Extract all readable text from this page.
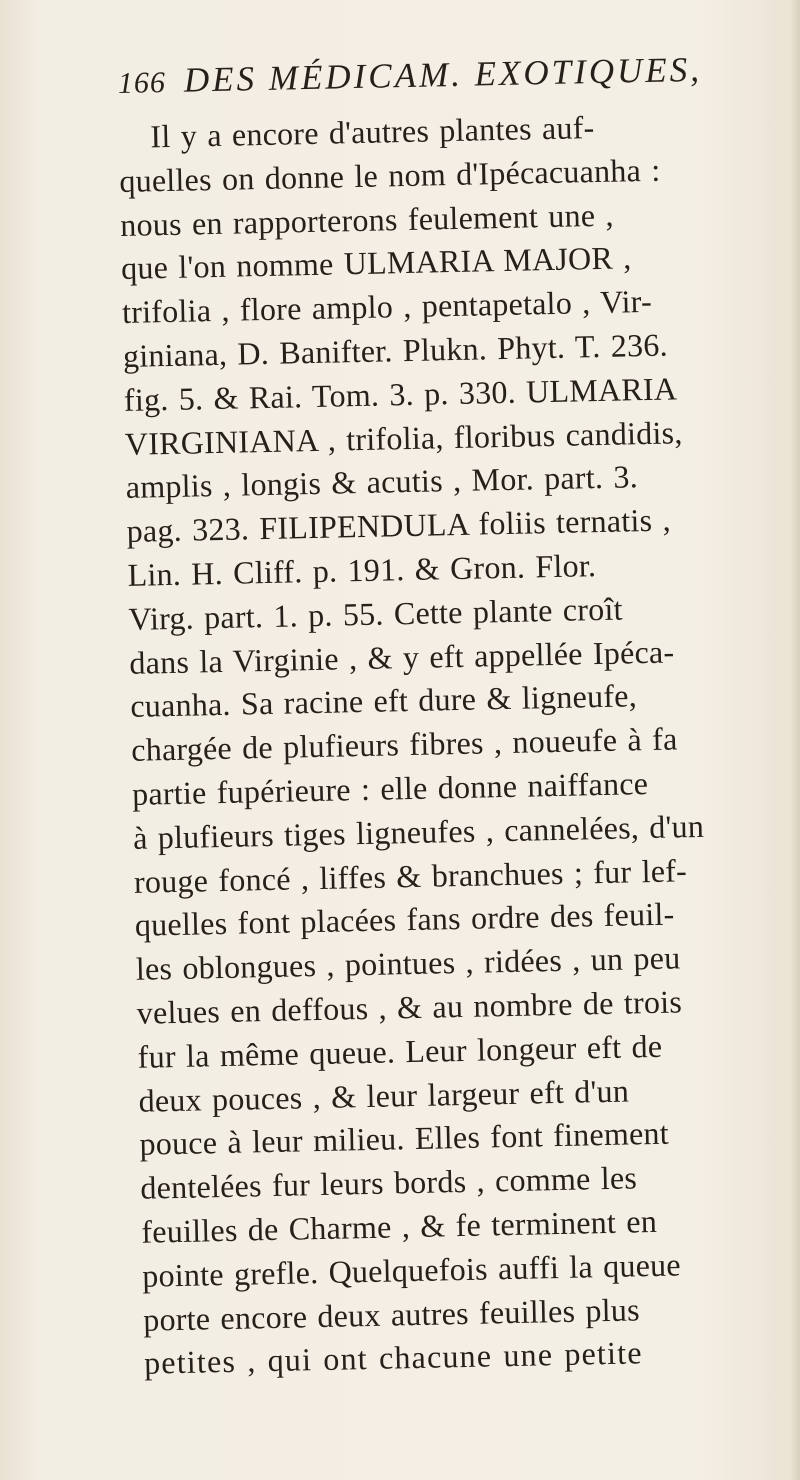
166 DES MÉDICAM. EXOTIQUES,
Il y a encore d'autres plantes auf-
quelles on donne le nom d'Ipécacuanha :
nous en rapporterons feulement une ,
que l'on nomme ULMARIA MAJOR ,
trifolia , flore amplo , pentapetalo , Vir-
giniana, D. Banifter. Plukn. Phyt. T. 236.
fig. 5. & Rai. Tom. 3. p. 330. ULMARIA
VIRGINIANA , trifolia, floribus candidis,
amplis , longis & acutis , Mor. part. 3.
pag. 323. FILIPENDULA foliis ternatis ,
Lin. H. Cliff. p. 191. & Gron. Flor.
Virg. part. 1. p. 55. Cette plante croît
dans la Virginie , & y eft appellée Ipéca-
cuanha. Sa racine eft dure & ligneufe,
chargée de plufieurs fibres , noueufe à fa
partie fupérieure : elle donne naiffance
à plufieurs tiges ligneufes , cannelées, d'un
rouge foncé , liffes & branchues ; fur lef-
quelles font placées fans ordre des feuil-
les oblongues , pointues , ridées , un peu
velues en deffous , & au nombre de trois
fur la même queue. Leur longeur eft de
deux pouces , & leur largeur eft d'un
pouce à leur milieu. Elles font finement
dentelées fur leurs bords , comme les
feuilles de Charme , & fe terminent en
pointe grefle. Quelquefois auffi la queue
porte encore deux autres feuilles plus
petites , qui ont chacune une petite
